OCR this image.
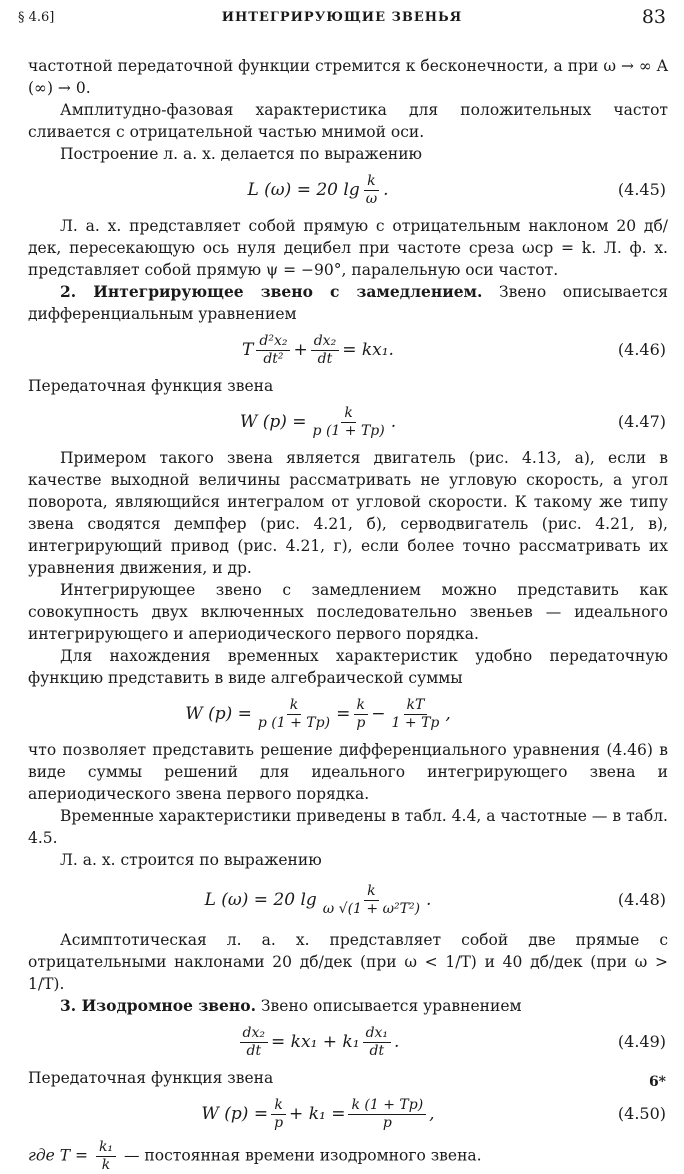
§ 4.6]	ИНТЕГРИРУЮЩИЕ ЗВЕНЬЯ	83

частотной передаточной функции стремится к бесконечности, а при ω → ∞ A (∞) → 0.

Амплитудно-фазовая характеристика для положительных частот сливается с отрицательной частью мнимой оси.

Построение л. а. х. делается по выражению

L (ω) = 20 $\lg \frac{k}{\omega}$ .	(4.45)

Л. а. х. представляет собой прямую с отрицательным наклоном 20 дб/дек, пересекающую ось нуля децибел при частоте среза ωср = k. Л. ф. х. представляет собой прямую ψ = −90°, паралельную оси частот.

2. Интегрирующее звено с замедлением. Звено описывается дифференциальным уравнением

T $\frac{\text{d²x₂}}{\text{dt²}} + \frac{\text{dx₂}}{dt} = kx_1$.	(4.46)

Передаточная функция звена

W $(p) = \frac{k}{p (1 + Tp)}$ .	(4.47)

Примером такого звена является двигатель (рис. 4.13, а), если в качестве выходной величины рассматривать не угловую скорость, а угол поворота, являющийся интегралом от угловой скорости. К такому же типу звена сводятся демпфер (рис. 4.21, б), серводвигатель (рис. 4.21, в), интегрирующий привод (рис. 4.21, г), если более точно рассматривать их уравнения движения, и др.

Интегрирующее звено с замедлением можно представить как совокупность двух включенных последовательно звеньев — идеального интегрирующего и апериодического первого порядка.

Для нахождения временных характеристик удобно передаточную функцию представить в виде алгебраической суммы

W $(p) = \frac{k}{p (1 + Tp)} = \frac{k}{p} - \frac{kT}{1 + Tp}$ ,

что позволяет представить решение дифференциального уравнения (4.46) в виде суммы решений для идеального интегрирующего звена и апериодического звена первого порядка.

Временные характеристики приведены в табл. 4.4, а частотные — в табл. 4.5.

Л. а. х. строится по выражению

L (ω) = 20 $\lg \frac{k}{\text{ω √(1 + ω²T²)}}$ .	(4.48)

Асимптотическая л. а. х. представляет собой две прямые с отрицательными наклонами 20 дб/дек (при ω < 1/T) и 40 дб/дек (при ω > 1/T).

3. Изодромное звено. Звено описывается уравнением

$\frac{\text{dx₂}}{dt} = kx_1 + k_1 \frac{\text{dx₁}}{dt}$ .	(4.49)

Передаточная функция звена

W $(p) = \frac{k}{p} + k_1 = \frac{k (1 + Tp)}{p}$ ,	(4.50)

где $T = \frac{\text{k₁}}{k}$ — постоянная времени изодромного звена.

6*
